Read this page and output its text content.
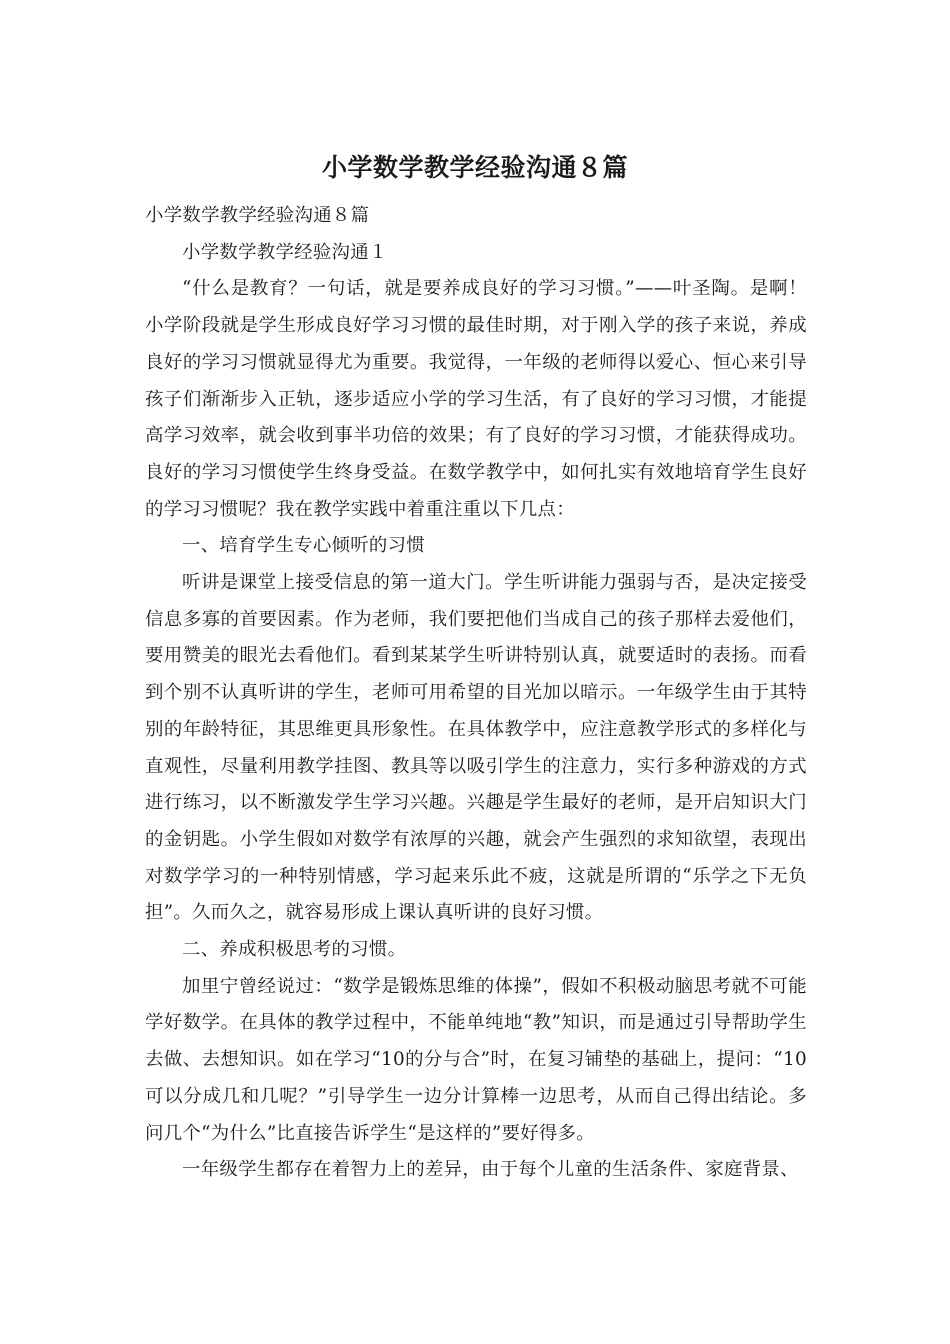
小学数学教学经验沟通８篇

小学数学教学经验沟通８篇

小学数学教学经验沟通１

“什么是教育？一句话，就是要养成良好的学习习惯。”——叶圣陶。是啊！小学阶段就是学生形成良好学习习惯的最佳时期，对于刚入学的孩子来说，养成良好的学习习惯就显得尤为重要。我觉得，一年级的老师得以爱心、恒心来引导孩子们渐渐步入正轨，逐步适应小学的学习生活，有了良好的学习习惯，才能提高学习效率，就会收到事半功倍的效果；有了良好的学习习惯，才能获得成功。良好的学习习惯使学生终身受益。在数学教学中，如何扎实有效地培育学生良好的学习习惯呢？我在教学实践中着重注重以下几点：

一、培育学生专心倾听的习惯

听讲是课堂上接受信息的第一道大门。学生听讲能力强弱与否，是决定接受信息多寡的首要因素。作为老师，我们要把他们当成自己的孩子那样去爱他们，要用赞美的眼光去看他们。看到某某学生听讲特别认真，就要适时的表扬。而看到个别不认真听讲的学生，老师可用希望的目光加以暗示。一年级学生由于其特别的年龄特征，其思维更具形象性。在具体教学中，应注意教学形式的多样化与直观性，尽量利用教学挂图、教具等以吸引学生的注意力，实行多种游戏的方式进行练习，以不断激发学生学习兴趣。兴趣是学生最好的老师，是开启知识大门的金钥匙。小学生假如对数学有浓厚的兴趣，就会产生强烈的求知欲望，表现出对数学学习的一种特别情感，学习起来乐此不疲，这就是所谓的“乐学之下无负担”。久而久之，就容易形成上课认真听讲的良好习惯。

二、养成积极思考的习惯。

加里宁曾经说过：“数学是锻炼思维的体操”，假如不积极动脑思考就不可能学好数学。在具体的教学过程中，不能单纯地“教”知识，而是通过引导帮助学生去做、去想知识。如在学习“10的分与合”时，在复习铺垫的基础上，提问：“10可以分成几和几呢？”引导学生一边分计算棒一边思考，从而自己得出结论。多问几个“为什么”比直接告诉学生“是这样的”要好得多。

一年级学生都存在着智力上的差异，由于每个儿童的生活条件、家庭背景、
